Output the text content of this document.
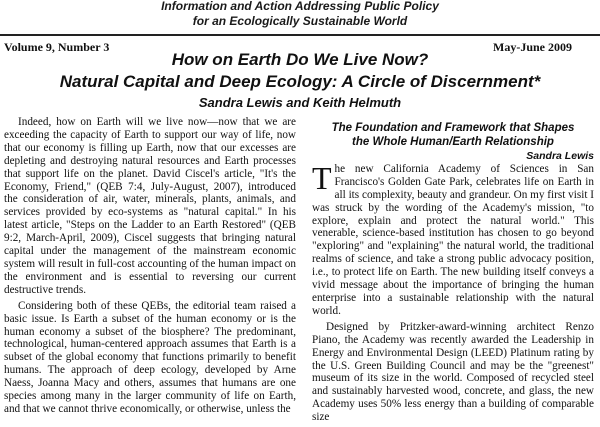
Information and Action Addressing Public Policy
for an Ecologically Sustainable World
Volume 9, Number 3	May-June 2009
How on Earth Do We Live Now?
Natural Capital and Deep Ecology: A Circle of Discernment*
Sandra Lewis and Keith Helmuth

Indeed, how on Earth will we live now—now that we are exceeding the capacity of Earth to support our way of life, now that our economy is filling up Earth, now that our excesses are depleting and destroying natural resources and Earth processes that support life on the planet. David Ciscel's article, "It's the Economy, Friend," (QEB 7:4, July-August, 2007), introduced the consideration of air, water, minerals, plants, animals, and services provided by eco-systems as "natural capital." In his latest article, "Steps on the Ladder to an Earth Restored" (QEB 9:2, March-April, 2009), Ciscel suggests that bringing natural capital under the management of the mainstream economic system will result in full-cost accounting of the human impact on the environment and is essential to reversing our current destructive trends.

Considering both of these QEBs, the editorial team raised a basic issue. Is Earth a subset of the human economy or is the human economy a subset of the biosphere? The predominant, technological, human-centered approach assumes that Earth is a subset of the global economy that functions primarily to benefit humans. The approach of deep ecology, developed by Arne Naess, Joanna Macy and others, assumes that humans are one species among many in the larger community of life on Earth, and that we cannot thrive economically, or otherwise, unless the

The Foundation and Framework that Shapes
the Whole Human/Earth Relationship
Sandra Lewis

The new California Academy of Sciences in San Francisco's Golden Gate Park, celebrates life on Earth in all its complexity, beauty and grandeur. On my first visit I was struck by the wording of the Academy's mission, "to explore, explain and protect the natural world." This venerable, science-based institution has chosen to go beyond "exploring" and "explaining" the natural world, the traditional realms of science, and take a strong public advocacy position, i.e., to protect life on Earth. The new building itself conveys a vivid message about the importance of bringing the human enterprise into a sustainable relationship with the natural world.

Designed by Pritzker-award-winning architect Renzo Piano, the Academy was recently awarded the Leadership in Energy and Environmental Design (LEED) Platinum rating by the U.S. Green Building Council and may be the "greenest" museum of its size in the world. Composed of recycled steel and sustainably harvested wood, concrete, and glass, the new Academy uses 50% less energy than a building of comparable size
